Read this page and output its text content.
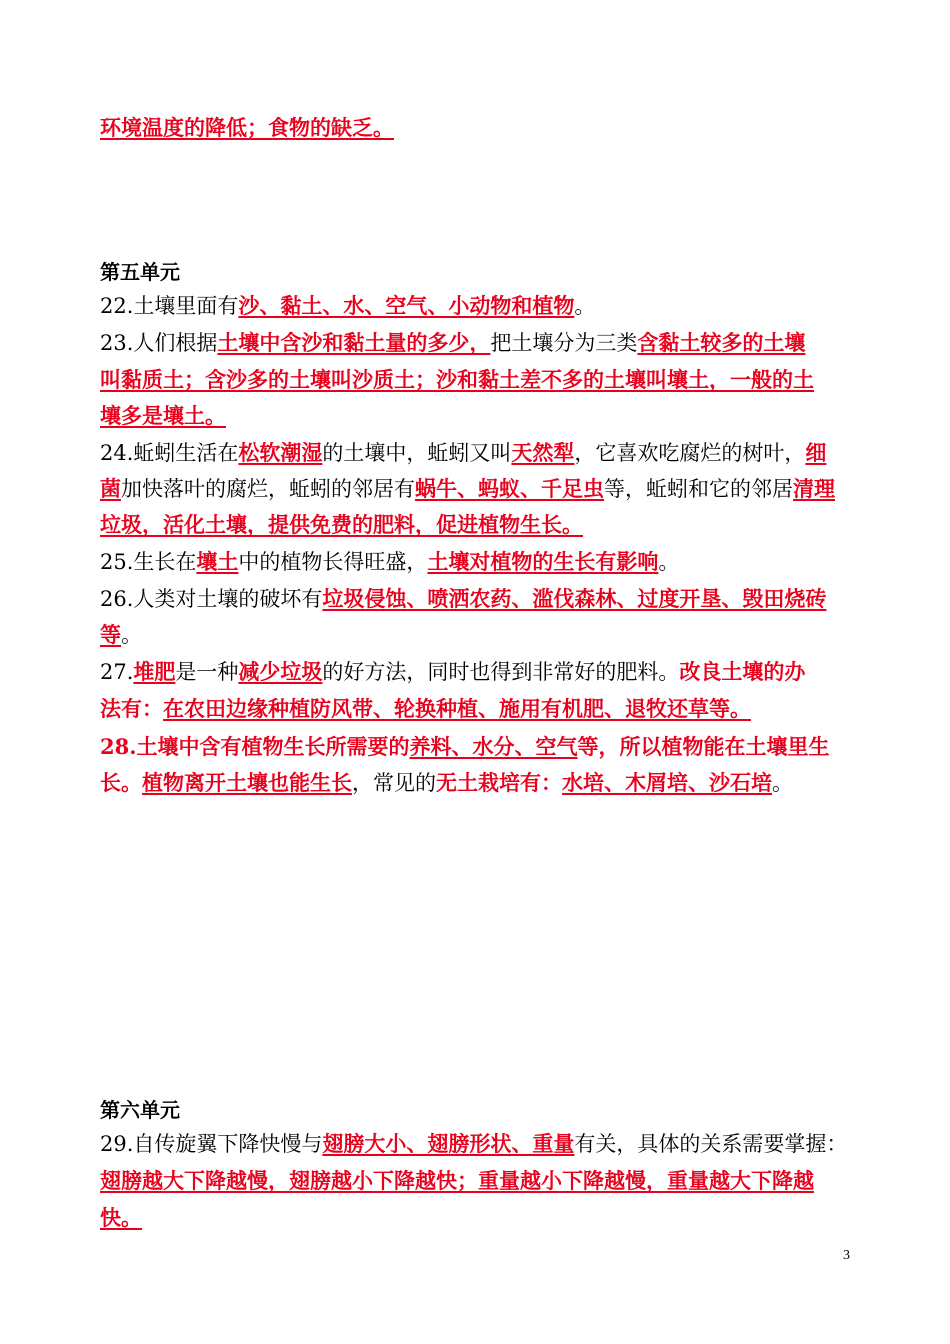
环境温度的降低；食物的缺乏。
第五单元
22.土壤里面有沙、黏土、水、空气、小动物和植物。
23.人们根据土壤中含沙和黏土量的多少，把土壤分为三类含黏土较多的土壤
叫黏质土；含沙多的土壤叫沙质土；沙和黏土差不多的土壤叫壤土，一般的土
壤多是壤土。
24.蚯蚓生活在松软潮湿的土壤中，蚯蚓又叫天然犁，它喜欢吃腐烂的树叶，细
菌加快落叶的腐烂，蚯蚓的邻居有蜗牛、蚂蚁、千足虫等，蚯蚓和它的邻居清理
垃圾，活化土壤，提供免费的肥料，促进植物生长。
25.生长在壤土中的植物长得旺盛，土壤对植物的生长有影响。
26.人类对土壤的破坏有垃圾侵蚀、喷洒农药、滥伐森林、过度开垦、毁田烧砖
等。
27.堆肥是一种减少垃圾的好方法，同时也得到非常好的肥料。改良土壤的办
法有：在农田边缘种植防风带、轮换种植、施用有机肥、退牧还草等。
28.土壤中含有植物生长所需要的养料、水分、空气等，所以植物能在土壤里生
长。植物离开土壤也能生长，常见的无土栽培有：水培、木屑培、沙石培。
第六单元
29.自传旋翼下降快慢与翅膀大小、翅膀形状、重量有关，具体的关系需要掌握：
翅膀越大下降越慢，翅膀越小下降越快；重量越小下降越慢，重量越大下降越
快。
3
